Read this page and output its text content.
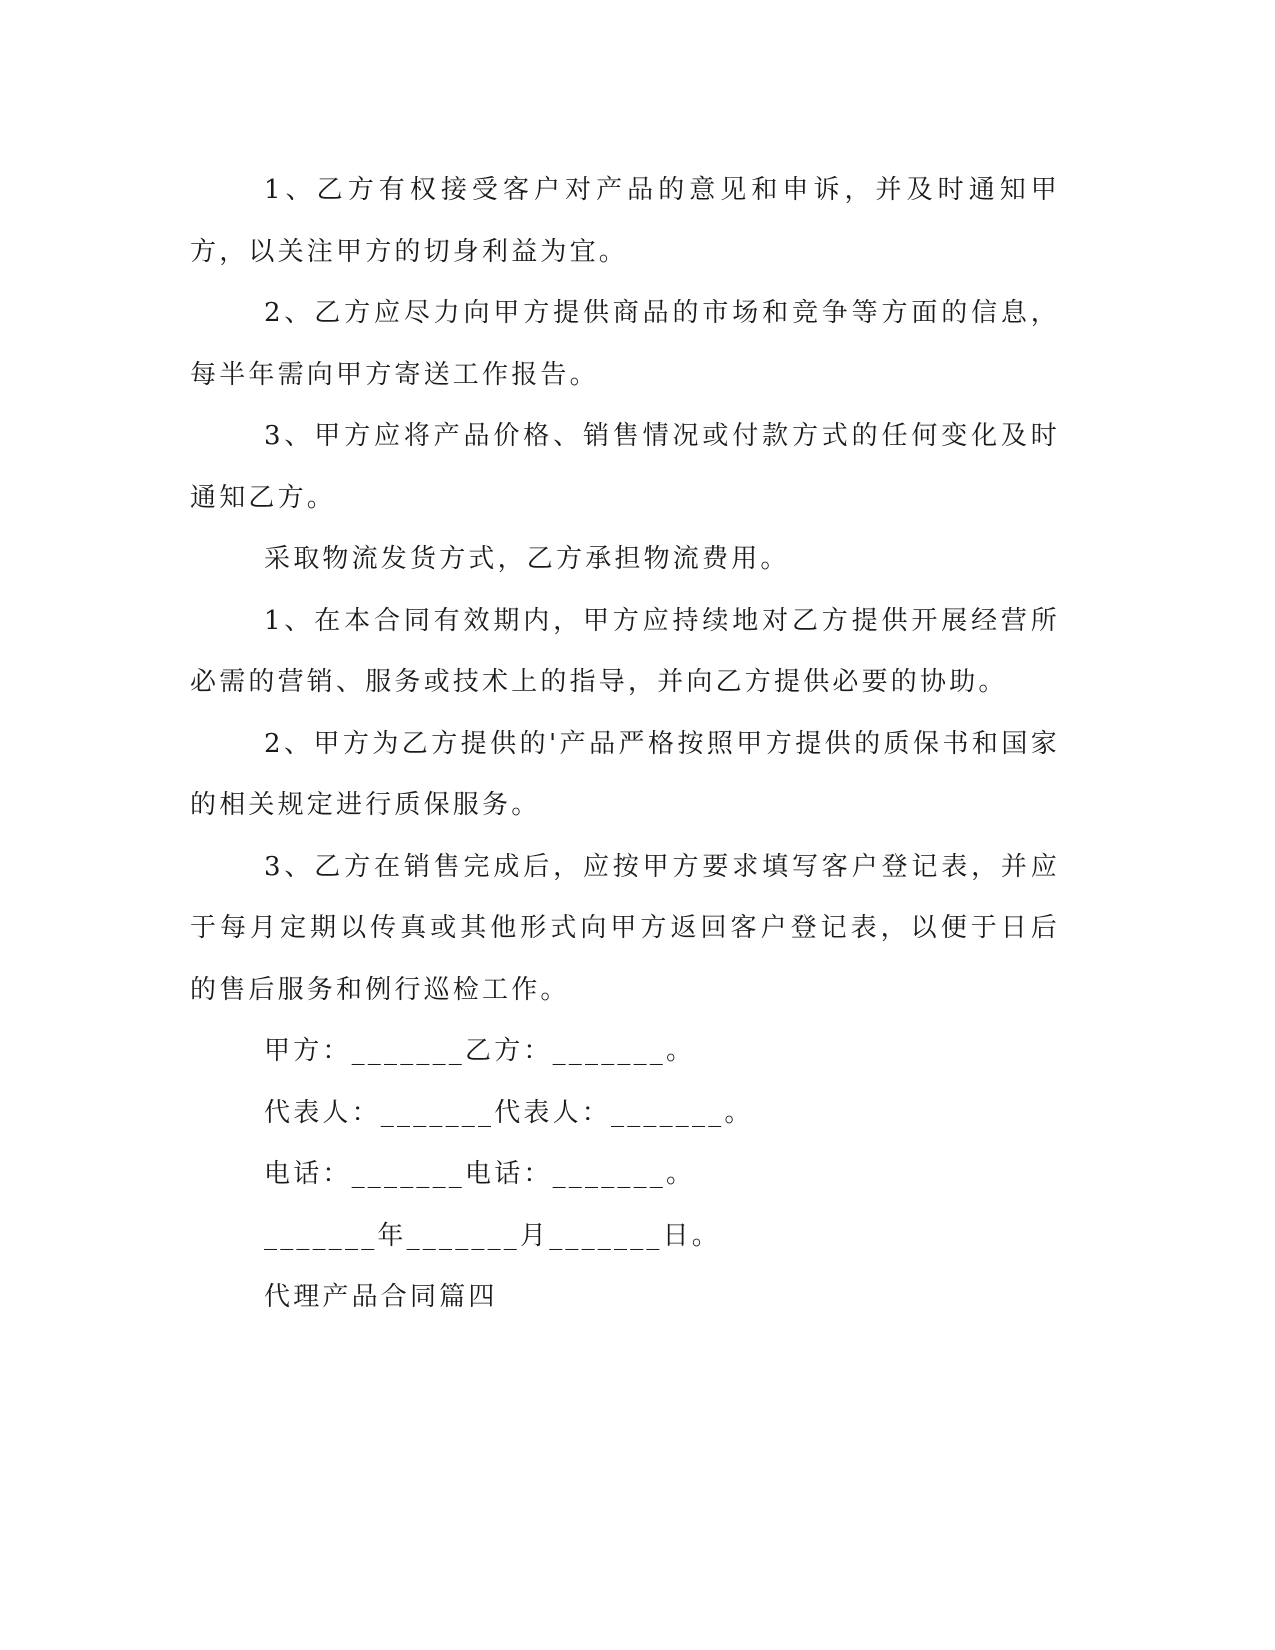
1、乙方有权接受客户对产品的意见和申诉，并及时通知甲方，以关注甲方的切身利益为宜。

2、乙方应尽力向甲方提供商品的市场和竞争等方面的信息，每半年需向甲方寄送工作报告。

3、甲方应将产品价格、销售情况或付款方式的任何变化及时通知乙方。

采取物流发货方式，乙方承担物流费用。

1、在本合同有效期内，甲方应持续地对乙方提供开展经营所必需的营销、服务或技术上的指导，并向乙方提供必要的协助。

2、甲方为乙方提供的'产品严格按照甲方提供的质保书和国家的相关规定进行质保服务。

3、乙方在销售完成后，应按甲方要求填写客户登记表，并应于每月定期以传真或其他形式向甲方返回客户登记表，以便于日后的售后服务和例行巡检工作。

甲方：_______乙方：_______。

代表人：_______代表人：_______。

电话：_______电话：_______。

_______年_______月_______日。

代理产品合同篇四
